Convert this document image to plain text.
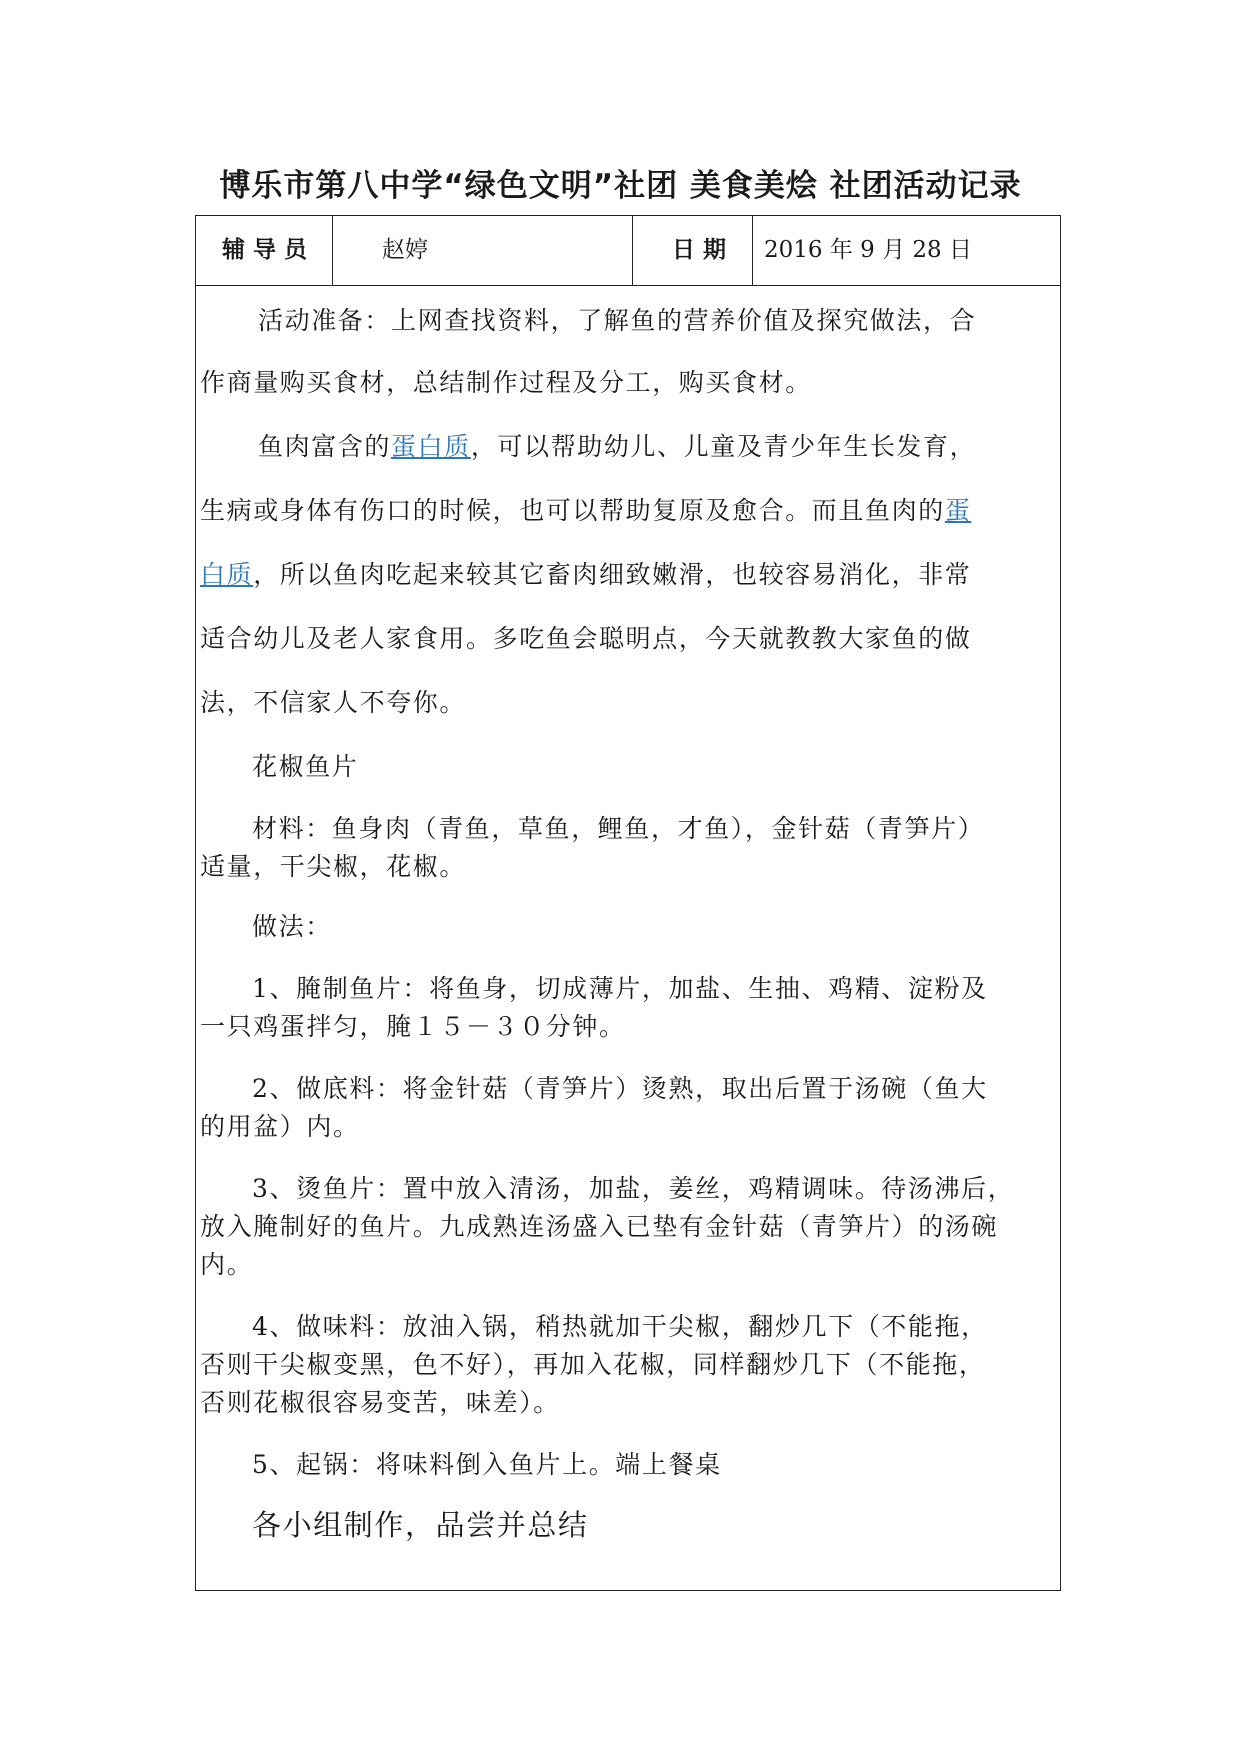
博乐市第八中学“绿色文明”社团 美食美烩 社团活动记录
辅 导 员	赵婷	日 期 2016 年 9 月 28 日
活动准备：上网查找资料，了解鱼的营养价值及探究做法，合
作商量购买食材，总结制作过程及分工，购买食材。
鱼肉富含的蛋白质，可以帮助幼儿、儿童及青少年生长发育，
生病或身体有伤口的时候，也可以帮助复原及愈合。而且鱼肉的蛋
白质，所以鱼肉吃起来较其它畜肉细致嫩滑，也较容易消化，非常
适合幼儿及老人家食用。多吃鱼会聪明点，今天就教教大家鱼的做
法，不信家人不夸你。
花椒鱼片
材料：鱼身肉（青鱼，草鱼，鲤鱼，才鱼），金针菇（青笋片）
适量，干尖椒，花椒。
做法：
1、腌制鱼片：将鱼身，切成薄片，加盐、生抽、鸡精、淀粉及
一只鸡蛋拌匀，腌１５－３０分钟。
2、做底料：将金针菇（青笋片）烫熟，取出后置于汤碗（鱼大
的用盆）内。
3、烫鱼片：置中放入清汤，加盐，姜丝，鸡精调味。待汤沸后，
放入腌制好的鱼片。九成熟连汤盛入已垫有金针菇（青笋片）的汤碗
内。
4、做味料：放油入锅，稍热就加干尖椒，翻炒几下（不能拖，
否则干尖椒变黑，色不好），再加入花椒，同样翻炒几下（不能拖，
否则花椒很容易变苦，味差）。
5、起锅：将味料倒入鱼片上。端上餐桌
各小组制作，品尝并总结
